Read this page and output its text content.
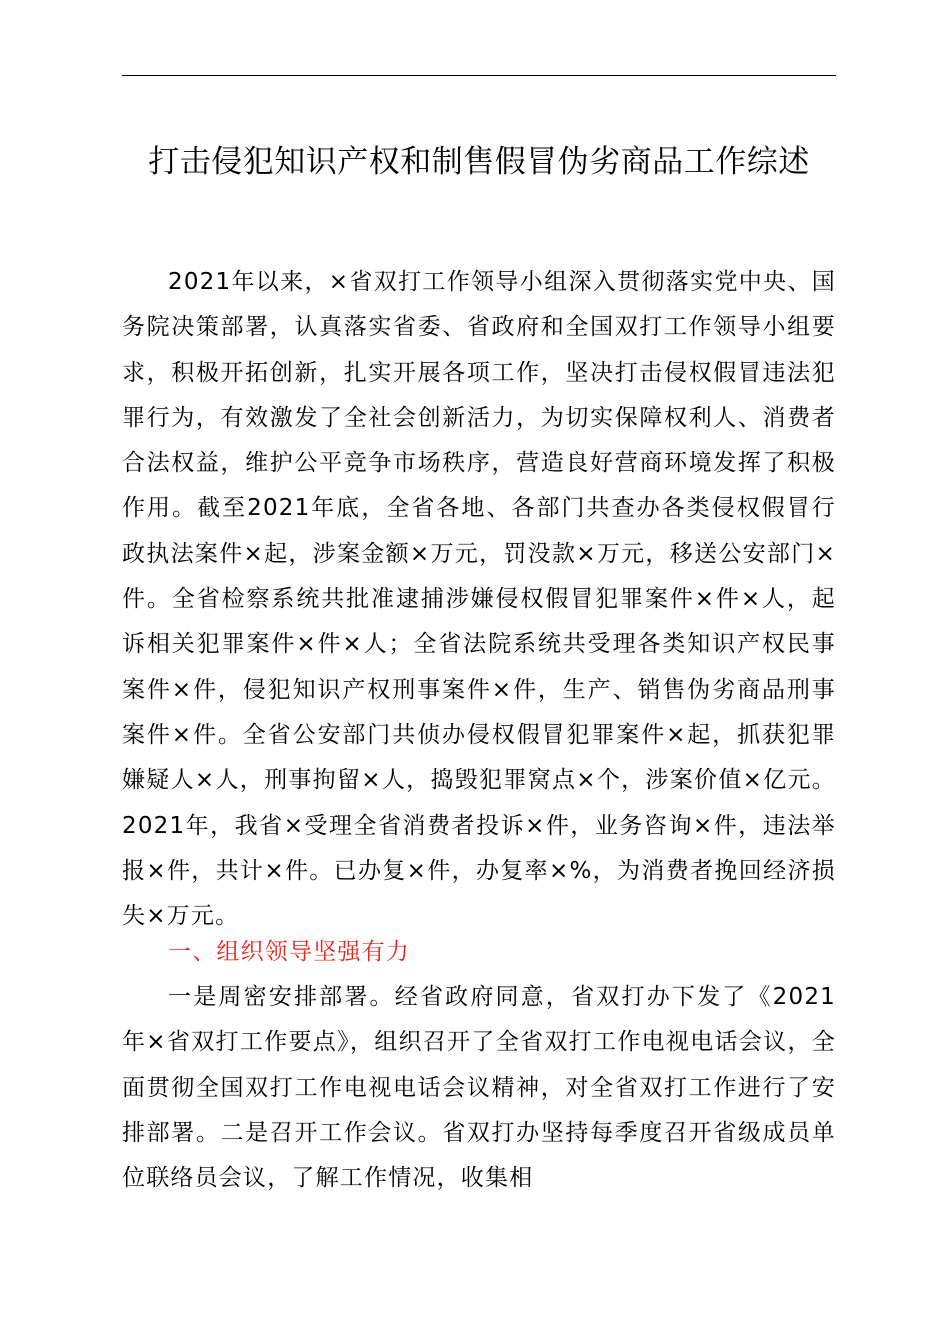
打击侵犯知识产权和制售假冒伪劣商品工作综述

2021年以来，×省双打工作领导小组深入贯彻落实党中央、国务院决策部署，认真落实省委、省政府和全国双打工作领导小组要求，积极开拓创新，扎实开展各项工作，坚决打击侵权假冒违法犯罪行为，有效激发了全社会创新活力，为切实保障权利人、消费者合法权益，维护公平竞争市场秩序，营造良好营商环境发挥了积极作用。截至2021年底，全省各地、各部门共查办各类侵权假冒行政执法案件×起，涉案金额×万元，罚没款×万元，移送公安部门×件。全省检察系统共批准逮捕涉嫌侵权假冒犯罪案件×件×人，起诉相关犯罪案件×件×人；全省法院系统共受理各类知识产权民事案件×件，侵犯知识产权刑事案件×件，生产、销售伪劣商品刑事案件×件。全省公安部门共侦办侵权假冒犯罪案件×起，抓获犯罪嫌疑人×人，刑事拘留×人，捣毁犯罪窝点×个，涉案价值×亿元。2021年，我省×受理全省消费者投诉×件，业务咨询×件，违法举报×件，共计×件。已办复×件，办复率×%，为消费者挽回经济损失×万元。

一、组织领导坚强有力

一是周密安排部署。经省政府同意，省双打办下发了《2021年×省双打工作要点》，组织召开了全省双打工作电视电话会议，全面贯彻全国双打工作电视电话会议精神，对全省双打工作进行了安排部署。二是召开工作会议。省双打办坚持每季度召开省级成员单位联络员会议，了解工作情况，收集相
